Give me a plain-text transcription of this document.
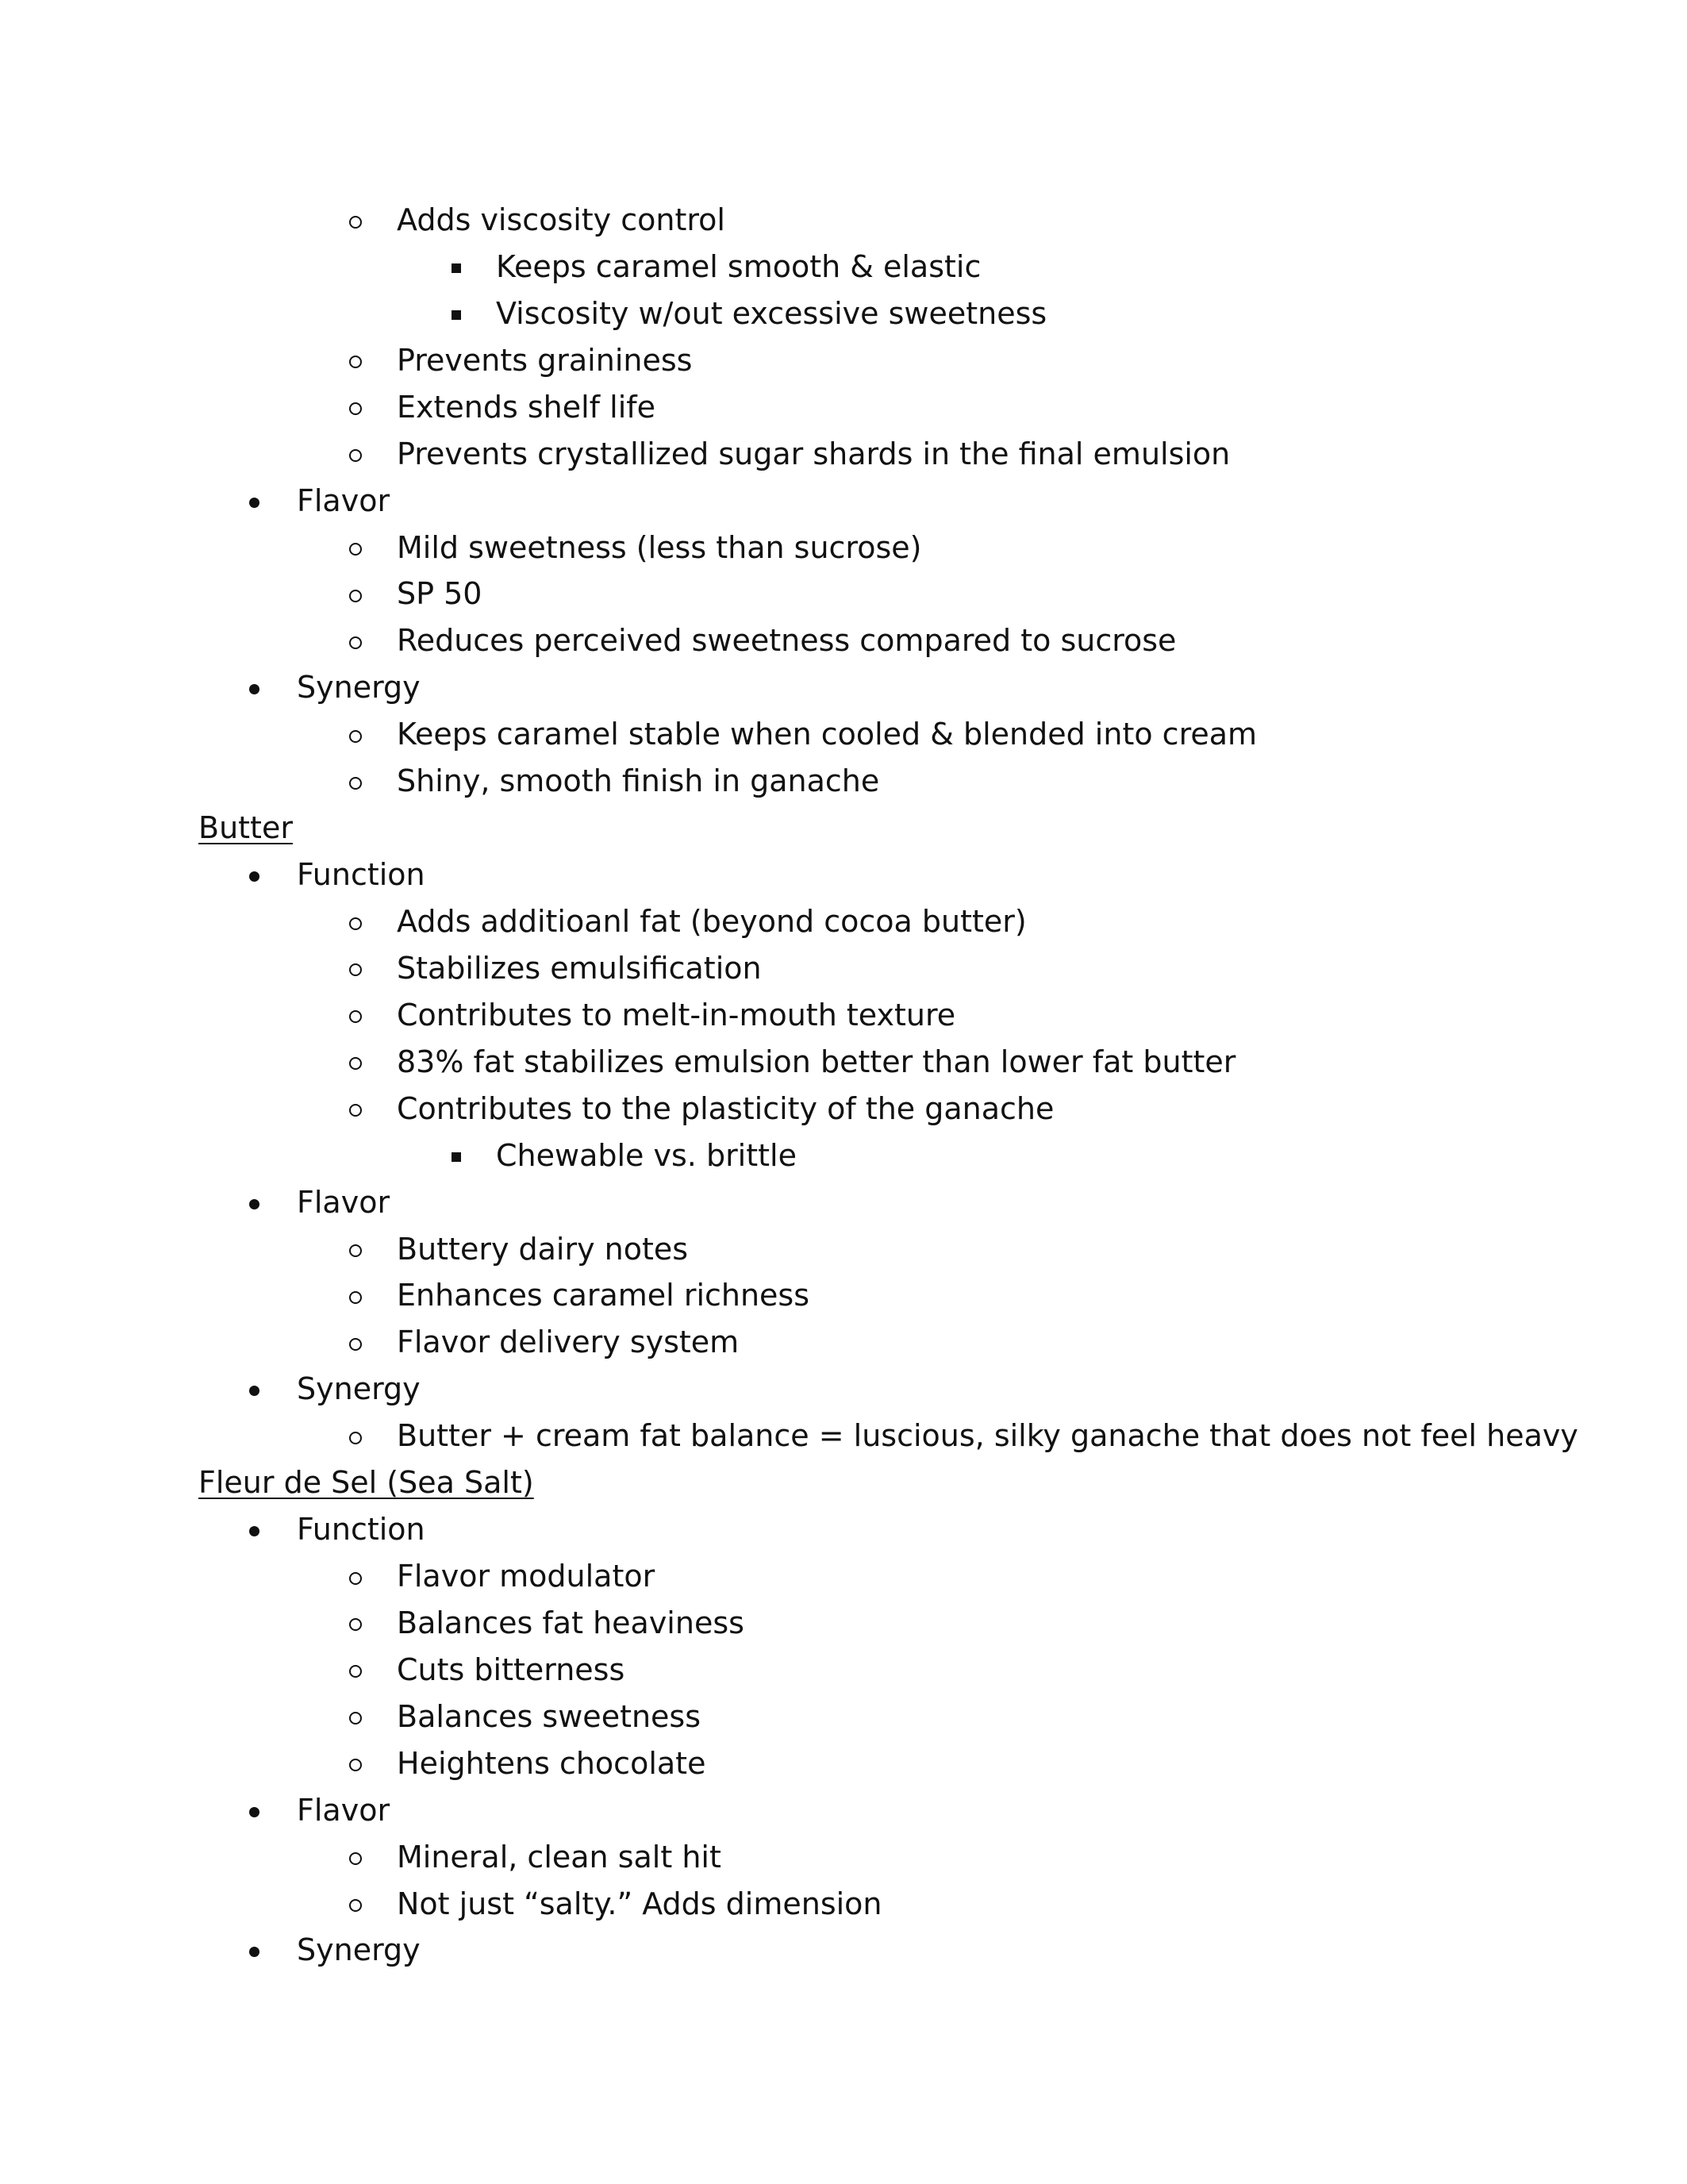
Adds viscosity control
Keeps caramel smooth & elastic
Viscosity w/out excessive sweetness
Prevents graininess
Extends shelf life
Prevents crystallized sugar shards in the final emulsion
Flavor
Mild sweetness (less than sucrose)
SP 50
Reduces perceived sweetness compared to sucrose
Synergy
Keeps caramel stable when cooled & blended into cream
Shiny, smooth finish in ganache
Butter
Function
Adds additioanl fat (beyond cocoa butter)
Stabilizes emulsification
Contributes to melt-in-mouth texture
83% fat stabilizes emulsion better than lower fat butter
Contributes to the plasticity of the ganache
Chewable vs. brittle
Flavor
Buttery dairy notes
Enhances caramel richness
Flavor delivery system
Synergy
Butter + cream fat balance = luscious, silky ganache that does not feel heavy
Fleur de Sel (Sea Salt)
Function
Flavor modulator
Balances fat heaviness
Cuts bitterness
Balances sweetness
Heightens chocolate
Flavor
Mineral, clean salt hit
Not just “salty.” Adds dimension
Synergy
